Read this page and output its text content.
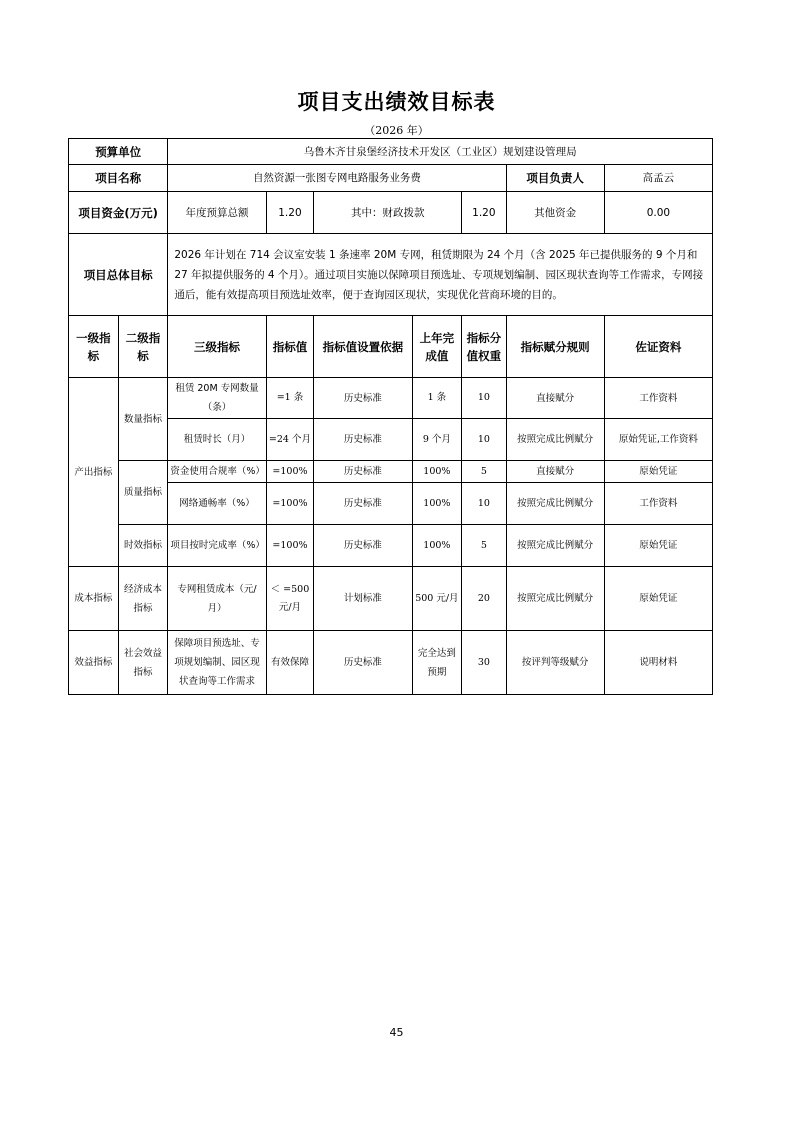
项目支出绩效目标表
（2026 年）
预算单位		乌鲁木齐甘泉堡经济技术开发区（工业区）规划建设管理局						
项目名称		自然资源一张图专网电路服务业务费					项目负责人	高孟云
项目资金(万元)		年度预算总额	1.20	其中：财政拨款		1.20	其他资金	0.00
项目总体目标		2026 年计划在 714 会议室安装 1 条速率 20M 专网，租赁期限为 24 个月（含 2025 年已提供服务的 9 个月和 27 年拟提供服务的 4 个月）。通过项目实施以保障项目预选址、专项规划编制、园区现状查询等工作需求，专网接通后，能有效提高项目预选址效率，便于查询园区现状，实现优化营商环境的目的。						
一级指标	二级指标	三级指标	指标值	指标值设置依据	上年完成值	指标分值权重	指标赋分规则	佐证资料
产出指标	数量指标	租赁 20M 专网数量（条）	=1 条	历史标准	1 条	10	直接赋分	工作资料
		租赁时长（月）	=24 个月	历史标准	9 个月	10	按照完成比例赋分	原始凭证,工作资料
	质量指标	资金使用合规率（%）	=100%	历史标准	100%	5	直接赋分	原始凭证
		网络通畅率（%）	=100%	历史标准	100%	10	按照完成比例赋分	工作资料
	时效指标	项目按时完成率（%）	=100%	历史标准	100%	5	按照完成比例赋分	原始凭证

成本指标	经济成本指标	专网租赁成本（元/月）	＜ =500 元/月	计划标准	500 元/月	20	按照完成比例赋分	原始凭证
效益指标	社会效益指标	保障项目预选址、专项规划编制、园区现状查询等工作需求	有效保障	历史标准	完全达到预期	30	按评判等级赋分	说明材料
45
